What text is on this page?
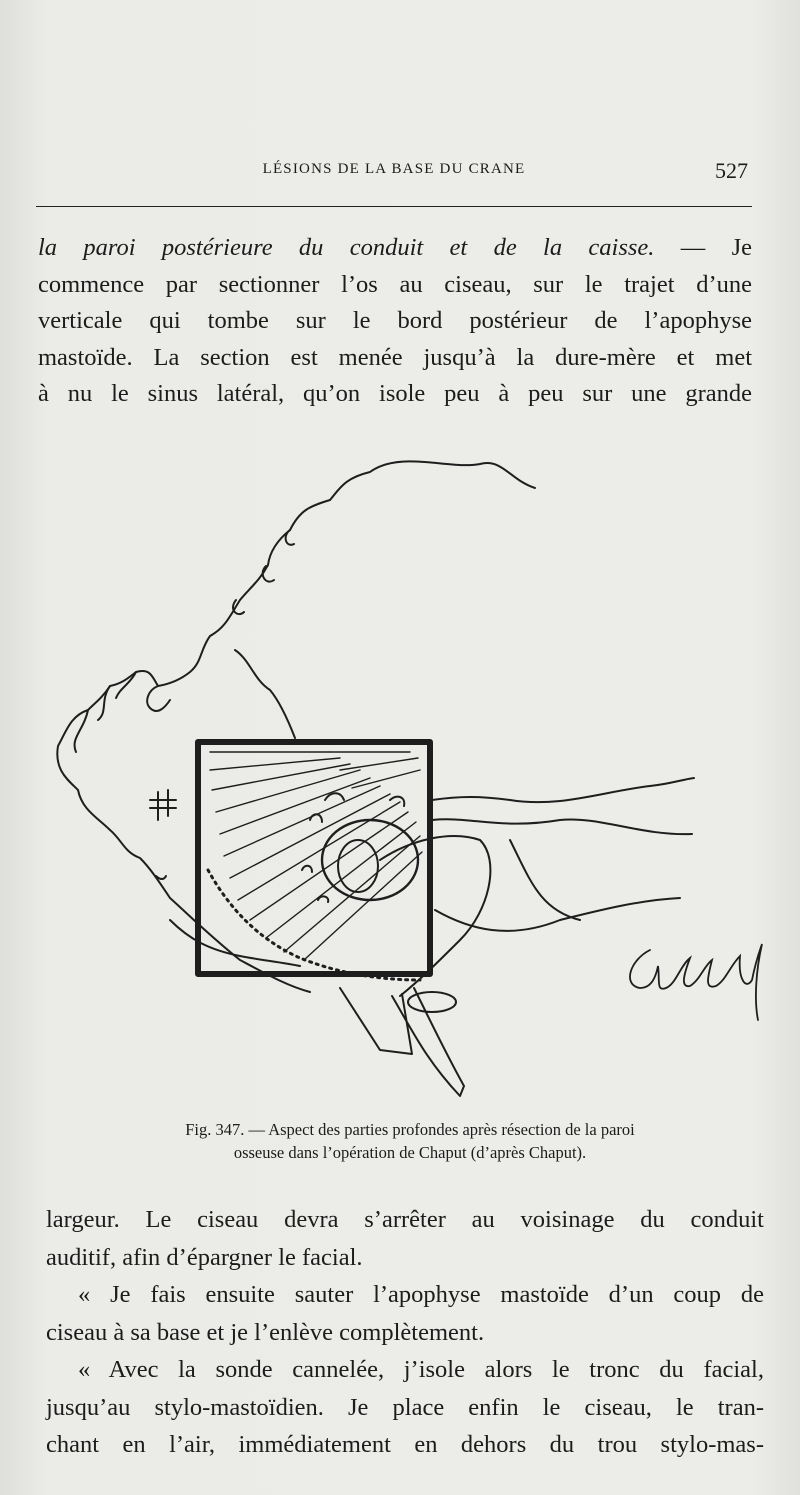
LÉSIONS DE LA BASE DU CRANE	527
la paroi postérieure du conduit et de la caisse. — Je
commence par sectionner l’os au ciseau, sur le trajet d’une
verticale qui tombe sur le bord postérieur de l’apophyse
mastoïde. La section est menée jusqu’à la dure-mère et met
à nu le sinus latéral, qu’on isole peu à peu sur une grande
Fig. 347. — Aspect des parties profondes après résection de la paroi
osseuse dans l’opération de Chaput (d’après Chaput).
largeur. Le ciseau devra s’arrêter au voisinage du conduit
auditif, afin d’épargner le facial.
« Je fais ensuite sauter l’apophyse mastoïde d’un coup de
ciseau à sa base et je l’enlève complètement.
« Avec la sonde cannelée, j’isole alors le tronc du facial,
jusqu’au stylo-mastoïdien. Je place enfin le ciseau, le tran-
chant en l’air, immédiatement en dehors du trou stylo-mas-
